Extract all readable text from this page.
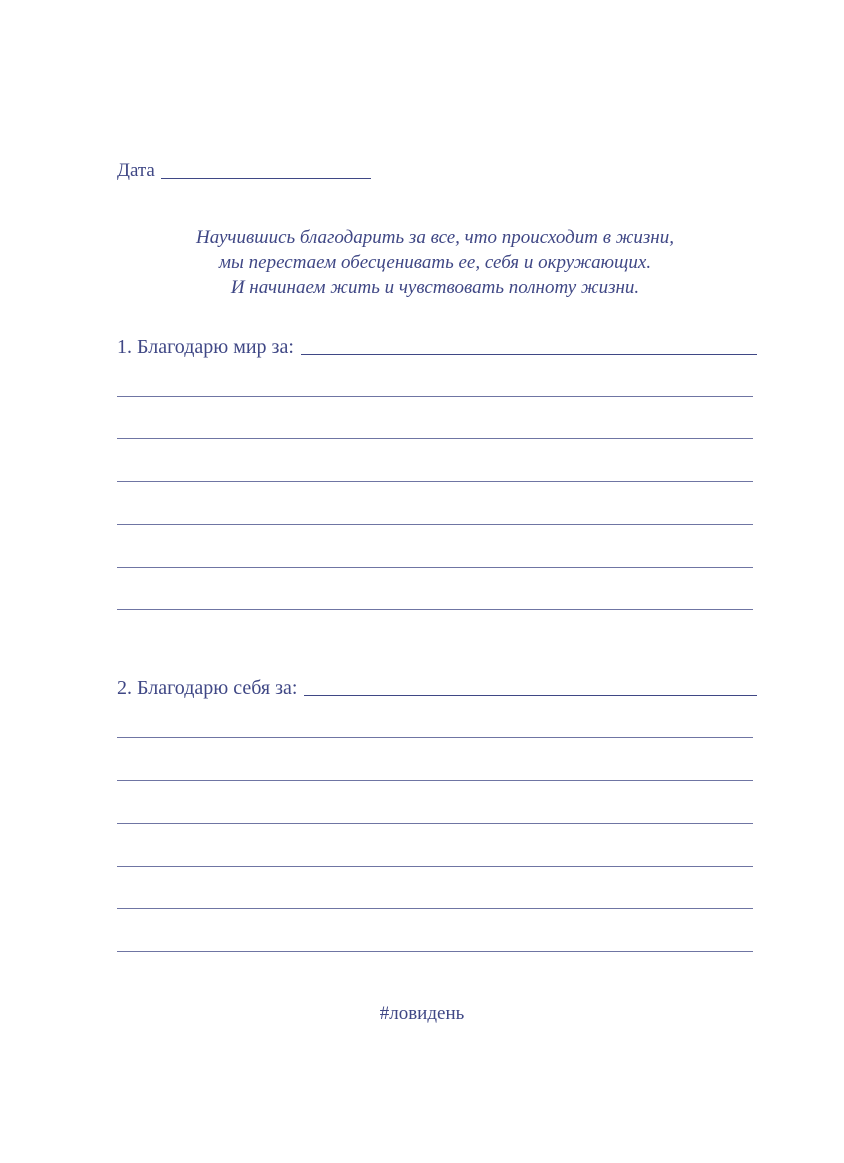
Дата
Научившись благодарить за все, что происходит в жизни,
мы перестаем обесценивать ее, себя и окружающих.
И начинаем жить и чувствовать полноту жизни.
1. Благодарю мир за:
2. Благодарю себя за:
#ловидень
